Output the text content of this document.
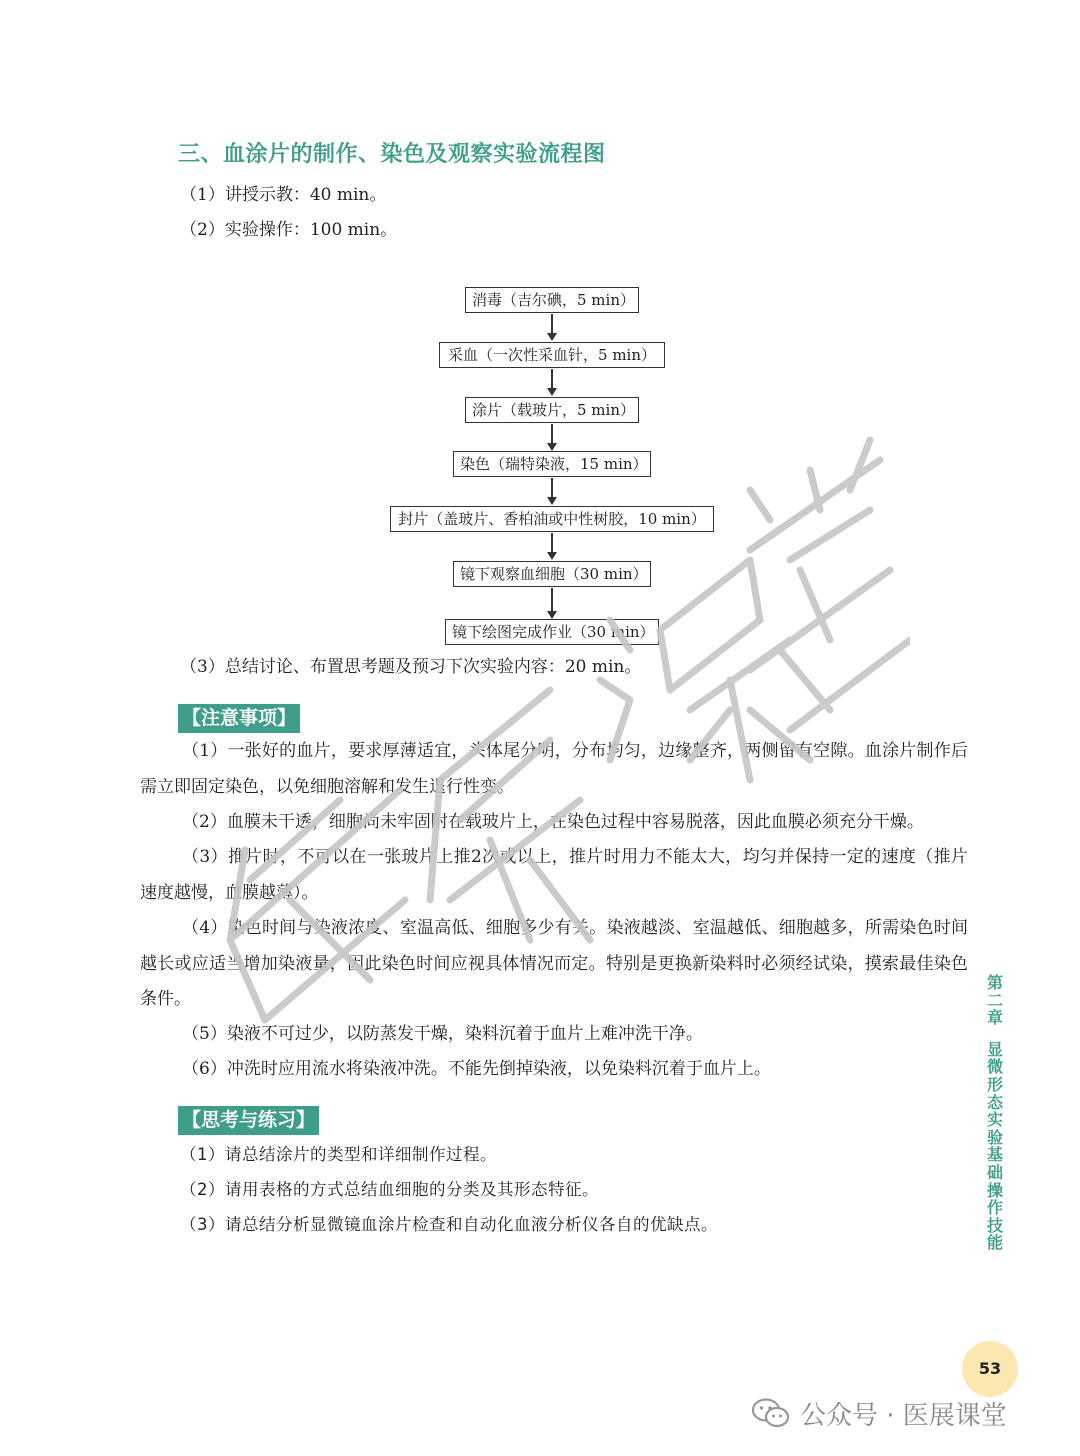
三、血涂片的制作、染色及观察实验流程图
（1）讲授示教：40 min。
（2）实验操作：100 min。
消毒（吉尔碘，5 min）
采血（一次性采血针，5 min）
涂片（载玻片，5 min）
染色（瑞特染液，15 min）
封片（盖玻片、香柏油或中性树胶，10 min）
镜下观察血细胞（30 min）
镜下绘图完成作业（30 min）
（3）总结讨论、布置思考题及预习下次实验内容：20 min。
【注意事项】
（1）一张好的血片，要求厚薄适宜，头体尾分明，分布均匀，边缘整齐，两侧留有空隙。血涂片制作后需立即固定染色，以免细胞溶解和发生退行性变。
（2）血膜未干透，细胞尚未牢固附在载玻片上，在染色过程中容易脱落，因此血膜必须充分干燥。
（3）推片时，不可以在一张玻片上推2次或以上，推片时用力不能太大，均匀并保持一定的速度（推片速度越慢，血膜越薄）。
（4）染色时间与染液浓度、室温高低、细胞多少有关。染液越淡、室温越低、细胞越多，所需染色时间越长或应适当增加染液量，因此染色时间应视具体情况而定。特别是更换新染料时必须经试染，摸索最佳染色条件。
（5）染液不可过少，以防蒸发干燥，染料沉着于血片上难冲洗干净。
（6）冲洗时应用流水将染液冲洗。不能先倒掉染液，以免染料沉着于血片上。
【思考与练习】
（1）请总结涂片的类型和详细制作过程。
（2）请用表格的方式总结血细胞的分类及其形态特征。
（3）请总结分析显微镜血涂片检查和自动化血液分析仪各自的优缺点。
第二章
显微形态实验基础操作技能
53
公众号 · 医展课堂
